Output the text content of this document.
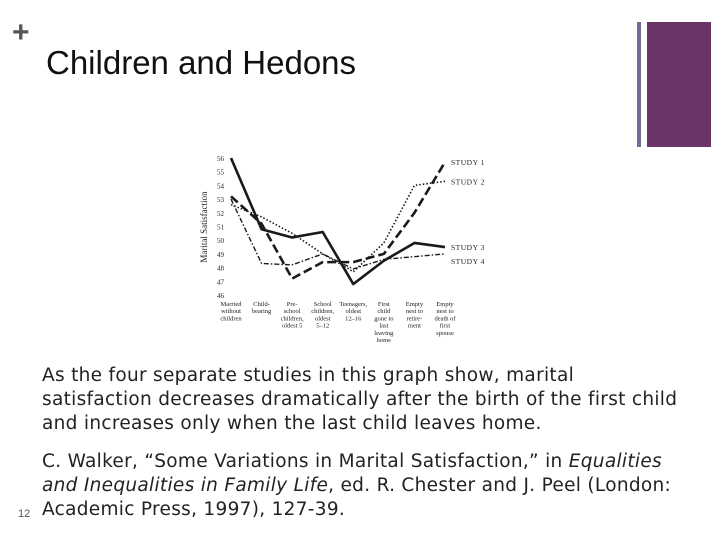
+
Children and Hedons
Marital Satisfaction
46
47
48
49
50
51
52
53
54
55
56	STUDY 1
STUDY 2
STUDY 3
STUDY 4
Married without children
Child-bearing
Pre-school children, oldest 5
School children, oldest 5–12
Teenagers, oldest 12–16
First child gone to last leaving home
Empty nest to retire-ment
Empty nest to death of first spouse
As the four separate studies in this graph show, marital satisfaction decreases dramatically after the birth of the first child and increases only when the last child leaves home.
C. Walker, “Some Variations in Marital Satisfaction,” in Equalities and Inequalities in Family Life, ed. R. Chester and J. Peel (London: Academic Press, 1997), 127-39.
12
